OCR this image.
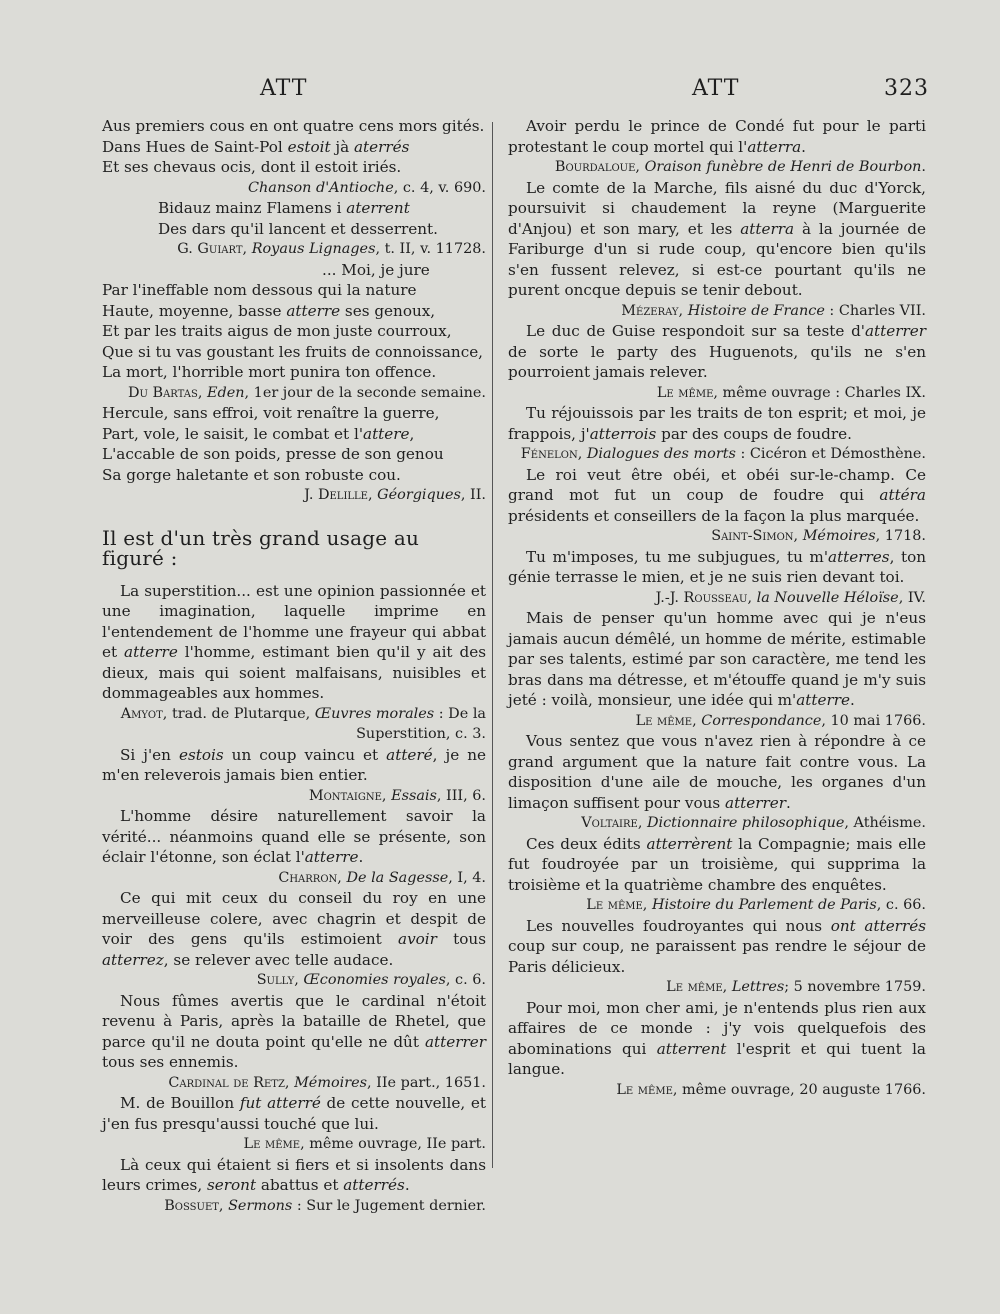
ATT	ATT	323

Aus premiers cous en ont quatre cens mors gités.

Dans Hues de Saint-Pol estoit jà aterrés

Et ses chevaus ocis, dont il estoit iriés.

Chanson d'Antioche, c. 4, v. 690.

Bidauz mainz Flamens i aterrent

Des dars qu'il lancent et desserrent.

G. Guiart, Royaus Lignages, t. II, v. 11728.

... Moi, je jure

Par l'ineffable nom dessous qui la nature

Haute, moyenne, basse atterre ses genoux,

Et par les traits aigus de mon juste courroux,

Que si tu vas goustant les fruits de connoissance,

La mort, l'horrible mort punira ton offence.

Du Bartas, Eden, 1er jour de la seconde semaine.

Hercule, sans effroi, voit renaître la guerre,

Part, vole, le saisit, le combat et l'attere,

L'accable de son poids, presse de son genou

Sa gorge haletante et son robuste cou.

J. Delille, Géorgiques, II.

Il est d'un très grand usage au figuré :

La superstition... est une opinion passionnée et une imagination, laquelle imprime en l'entendement de l'homme une frayeur qui abbat et atterre l'homme, estimant bien qu'il y ait des dieux, mais qui soient malfaisans, nuisibles et dommageables aux hommes.

Amyot, trad. de Plutarque, Œuvres morales : De la Superstition, c. 3.

Si j'en estois un coup vaincu et atteré, je ne m'en releverois jamais bien entier.

Montaigne, Essais, III, 6.

L'homme désire naturellement savoir la vérité... néanmoins quand elle se présente, son éclair l'étonne, son éclat l'atterre.

Charron, De la Sagesse, I, 4.

Ce qui mit ceux du conseil du roy en une merveilleuse colere, avec chagrin et despit de voir des gens qu'ils estimoient avoir tous atterrez, se relever avec telle audace.

Sully, Œconomies royales, c. 6.

Nous fûmes avertis que le cardinal n'étoit revenu à Paris, après la bataille de Rhetel, que parce qu'il ne douta point qu'elle ne dût atterrer tous ses ennemis.

Cardinal de Retz, Mémoires, IIe part., 1651.

M. de Bouillon fut atterré de cette nouvelle, et j'en fus presqu'aussi touché que lui.

Le même, même ouvrage, IIe part.

Là ceux qui étaient si fiers et si insolents dans leurs crimes, seront abattus et atterrés.

Bossuet, Sermons : Sur le Jugement dernier.

Avoir perdu le prince de Condé fut pour le parti protestant le coup mortel qui l'atterra.

Bourdaloue, Oraison funèbre de Henri de Bourbon.

Le comte de la Marche, fils aisné du duc d'Yorck, poursuivit si chaudement la reyne (Marguerite d'Anjou) et son mary, et les atterra à la journée de Fariburge d'un si rude coup, qu'encore bien qu'ils s'en fussent relevez, si est-ce pourtant qu'ils ne purent oncque depuis se tenir debout.

Mézeray, Histoire de France : Charles VII.

Le duc de Guise respondoit sur sa teste d'atterrer de sorte le party des Huguenots, qu'ils ne s'en pourroient jamais relever.

Le même, même ouvrage : Charles IX.

Tu réjouissois par les traits de ton esprit; et moi, je frappois, j'atterrois par des coups de foudre.

Fénelon, Dialogues des morts : Cicéron et Démosthène.

Le roi veut être obéi, et obéi sur-le-champ. Ce grand mot fut un coup de foudre qui attéra présidents et conseillers de la façon la plus marquée.

Saint-Simon, Mémoires, 1718.

Tu m'imposes, tu me subjugues, tu m'atterres, ton génie terrasse le mien, et je ne suis rien devant toi.

J.-J. Rousseau, la Nouvelle Héloïse, IV.

Mais de penser qu'un homme avec qui je n'eus jamais aucun démêlé, un homme de mérite, estimable par ses talents, estimé par son caractère, me tend les bras dans ma détresse, et m'étouffe quand je m'y suis jeté : voilà, monsieur, une idée qui m'atterre.

Le même, Correspondance, 10 mai 1766.

Vous sentez que vous n'avez rien à répondre à ce grand argument que la nature fait contre vous. La disposition d'une aile de mouche, les organes d'un limaçon suffisent pour vous atterrer.

Voltaire, Dictionnaire philosophique, Athéisme.

Ces deux édits atterrèrent la Compagnie; mais elle fut foudroyée par un troisième, qui supprima la troisième et la quatrième chambre des enquêtes.

Le même, Histoire du Parlement de Paris, c. 66.

Les nouvelles foudroyantes qui nous ont atterrés coup sur coup, ne paraissent pas rendre le séjour de Paris délicieux.

Le même, Lettres; 5 novembre 1759.

Pour moi, mon cher ami, je n'entends plus rien aux affaires de ce monde : j'y vois quelquefois des abominations qui atterrent l'esprit et qui tuent la langue.

Le même, même ouvrage, 20 auguste 1766.
